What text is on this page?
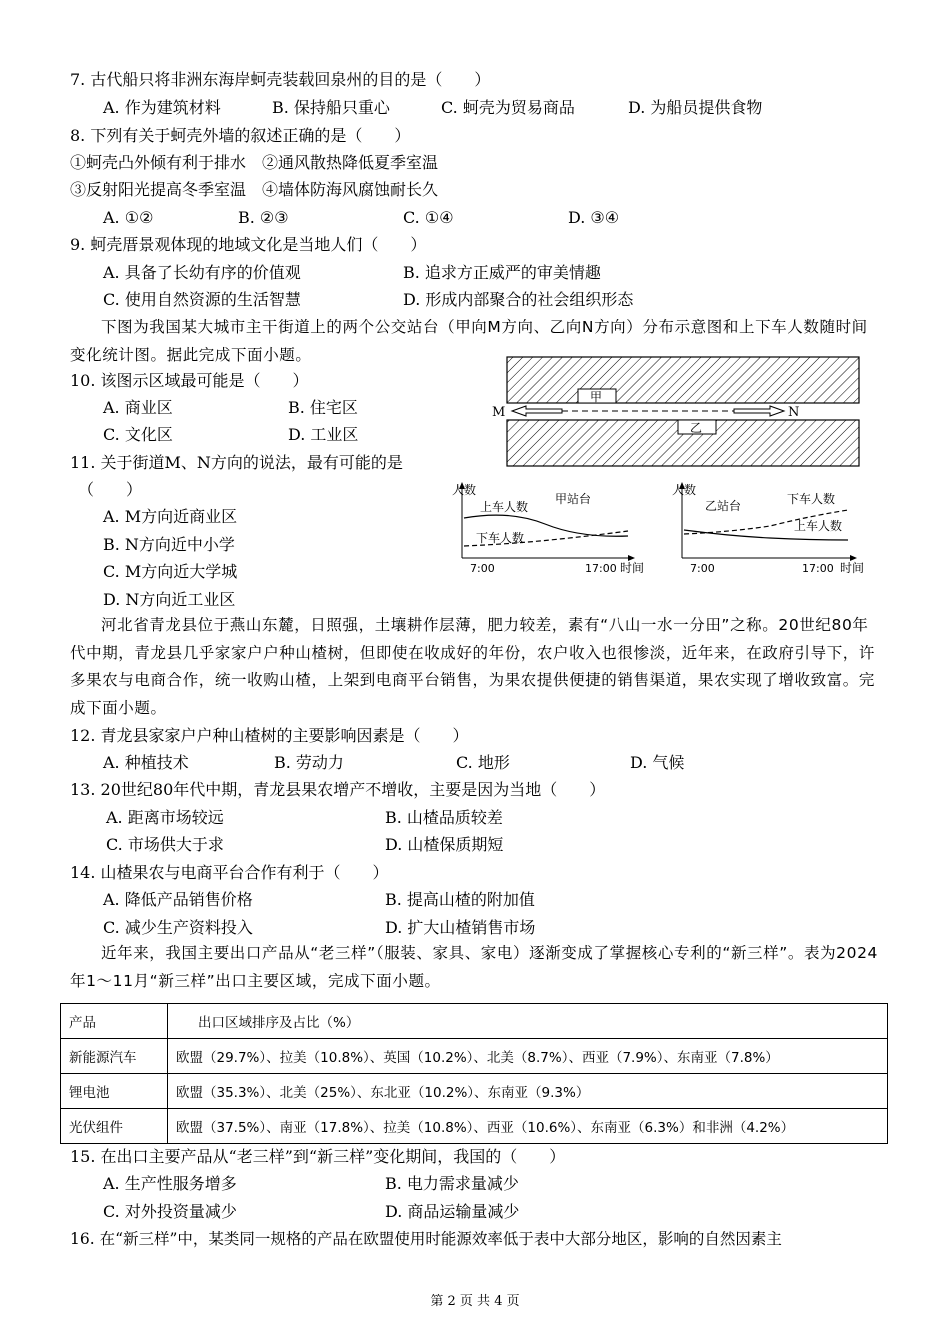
7. 古代船只将非洲东海岸蚵壳装载回泉州的目的是（　　）
A. 作为建筑材料	B. 保持船只重心	C. 蚵壳为贸易商品	D. 为船员提供食物
8. 下列有关于蚵壳外墙的叙述正确的是（　　）
①蚵壳凸外倾有利于排水　②通风散热降低夏季室温
③反射阳光提高冬季室温　④墙体防海风腐蚀耐长久
A. ①②	B. ②③	C. ①④	D. ③④
9. 蚵壳厝景观体现的地域文化是当地人们（　　）
A. 具备了长幼有序的价值观	B. 追求方正威严的审美情趣
C. 使用自然资源的生活智慧	D. 形成内部聚合的社会组织形态
下图为我国某大城市主干街道上的两个公交站台（甲向M方向、乙向N方向）分布示意图和上下车人数随时间变化统计图。据此完成下面小题。
10. 该图示区域最可能是（　　）
A. 商业区	B. 住宅区
C. 文化区	D. 工业区
11. 关于街道M、N方向的说法，最有可能的是
（　　）
A. M方向近商业区
B. N方向近中小学
C. M方向近大学城
D. N方向近工业区
M	N
甲
乙
人数
甲站台
上车人数
下车人数
7:00	17:00 时间
人数
乙站台	下车人数
上车人数
7:00	17:00 时间
河北省青龙县位于燕山东麓，日照强，土壤耕作层薄，肥力较差，素有“八山一水一分田”之称。20世纪80年代中期，青龙县几乎家家户户种山楂树，但即使在收成好的年份，农户收入也很惨淡，近年来，在政府引导下，许多果农与电商合作，统一收购山楂，上架到电商平台销售，为果农提供便捷的销售渠道，果农实现了增收致富。完成下面小题。
12. 青龙县家家户户种山楂树的主要影响因素是（　　）
A. 种植技术	B. 劳动力	C. 地形	D. 气候
13. 20世纪80年代中期，青龙县果农增产不增收，主要是因为当地（　　）
A. 距离市场较远	B. 山楂品质较差
C. 市场供大于求	D. 山楂保质期短
14. 山楂果农与电商平台合作有利于（　　）
A. 降低产品销售价格	B. 提高山楂的附加值
C. 减少生产资料投入	D. 扩大山楂销售市场
近年来，我国主要出口产品从“老三样”（服装、家具、家电）逐渐变成了掌握核心专利的“新三样”。表为2024年1～11月“新三样”出口主要区域，完成下面小题。
产品	出口区域排序及占比（%）
新能源汽车	欧盟（29.7%）、拉美（10.8%）、英国（10.2%）、北美（8.7%）、西亚（7.9%）、东南亚（7.8%）
锂电池	欧盟（35.3%）、北美（25%）、东北亚（10.2%）、东南亚（9.3%）
光伏组件	欧盟（37.5%）、南亚（17.8%）、拉美（10.8%）、西亚（10.6%）、东南亚（6.3%）和非洲（4.2%）
15. 在出口主要产品从“老三样”到“新三样”变化期间，我国的（　　）
A. 生产性服务增多	B. 电力需求量减少
C. 对外投资量减少	D. 商品运输量减少
16. 在“新三样”中，某类同一规格的产品在欧盟使用时能源效率低于表中大部分地区，影响的自然因素主
第 2 页 共 4 页
